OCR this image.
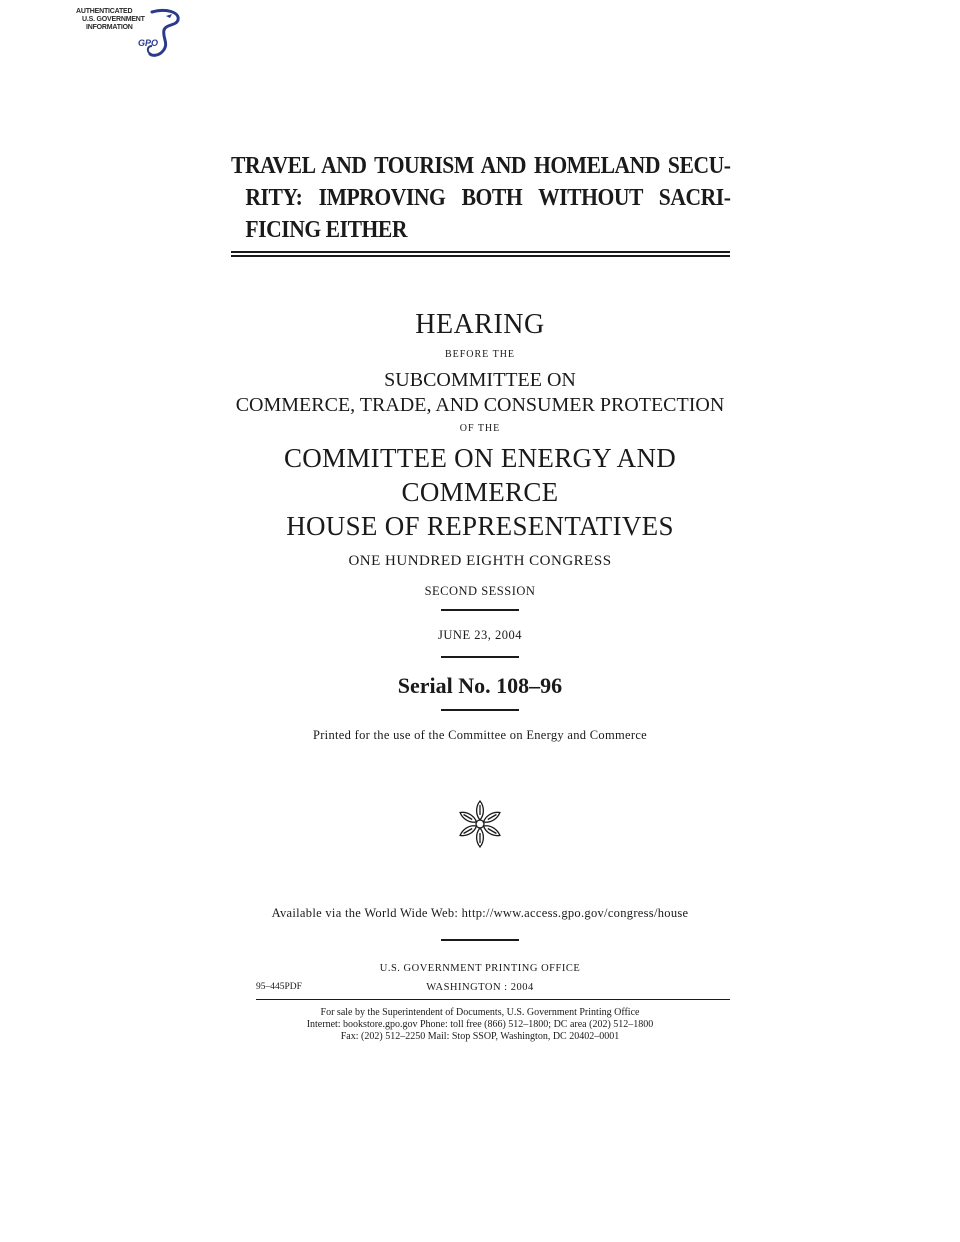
AUTHENTICATED
U.S. GOVERNMENT
INFORMATION
GPO
TRAVEL AND TOURISM AND HOMELAND SECU-
RITY: IMPROVING BOTH WITHOUT SACRI-
FICING EITHER
HEARING
BEFORE THE
SUBCOMMITTEE ON
COMMERCE, TRADE, AND CONSUMER PROTECTION
OF THE
COMMITTEE ON ENERGY AND
COMMERCE
HOUSE OF REPRESENTATIVES
ONE HUNDRED EIGHTH CONGRESS
SECOND SESSION
JUNE 23, 2004
Serial No. 108–96
Printed for the use of the Committee on Energy and Commerce
Available via the World Wide Web: http://www.access.gpo.gov/congress/house
U.S. GOVERNMENT PRINTING OFFICE
95–445PDF	WASHINGTON : 2004
For sale by the Superintendent of Documents, U.S. Government Printing Office
Internet: bookstore.gpo.gov Phone: toll free (866) 512–1800; DC area (202) 512–1800
Fax: (202) 512–2250 Mail: Stop SSOP, Washington, DC 20402–0001
